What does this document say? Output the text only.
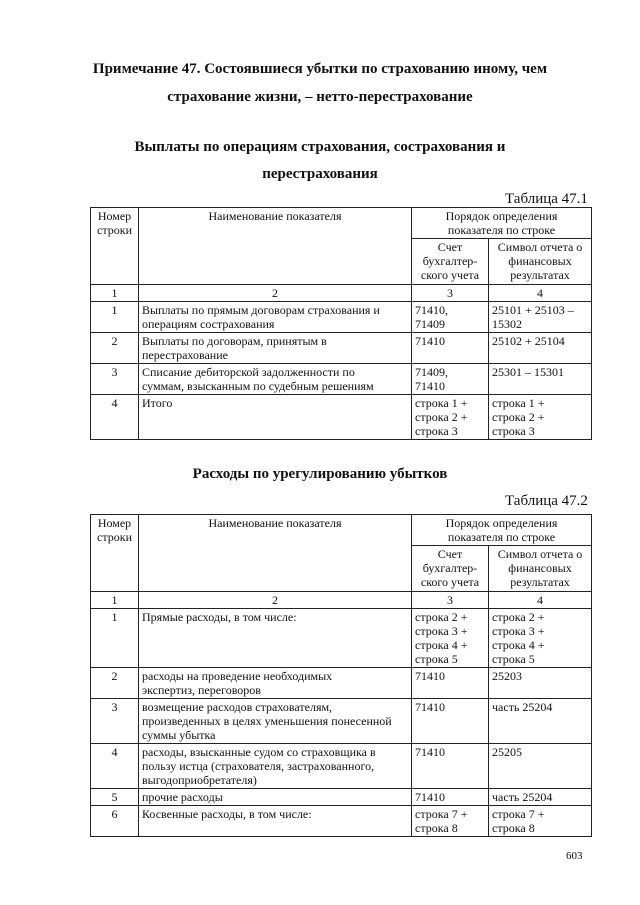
Примечание 47. Состоявшиеся убытки по страхованию иному, чем
страхование жизни, – нетто-перестрахование
Выплаты по операциям страхования, сострахования и
перестрахования
Таблица 47.1
Номер
строки	Наименование показателя	Порядок определения
показателя по строке	
		Счет
бухгалтер-
ского учета	Символ отчета о
финансовых
результатах
1	2	3	4
1	Выплаты по прямым договорам страхования и
операциям сострахования	71410,
71409	25101 + 25103 –
15302
2	Выплаты по договорам, принятым в
перестрахование	71410	25102 + 25104
3	Списание дебиторской задолженности по
суммам, взысканным по судебным решениям	71409,
71410	25301 – 15301
4	Итого	строка 1 +
строка 2 +
строка 3	строка 1 +
строка 2 +
строка 3
Расходы по урегулированию убытков
Таблица 47.2
Номер
строки	Наименование показателя	Порядок определения
показателя по строке	
		Счет
бухгалтер-
ского учета	Символ отчета о
финансовых
результатах
1	2	3	4
1	Прямые расходы, в том числе:	строка 2 +
строка 3 +
строка 4 +
строка 5	строка 2 +
строка 3 +
строка 4 +
строка 5
2	расходы на проведение необходимых
экспертиз, переговоров	71410	25203
3	возмещение расходов страхователям,
произведенных в целях уменьшения понесенной
суммы убытка	71410	часть 25204
4	расходы, взысканные судом со страховщика в
пользу истца (страхователя, застрахованного,
выгодоприобретателя)	71410	25205
5	прочие расходы	71410	часть 25204
6	Косвенные расходы, в том числе:	строка 7 +
строка 8	строка 7 +
строка 8
603
